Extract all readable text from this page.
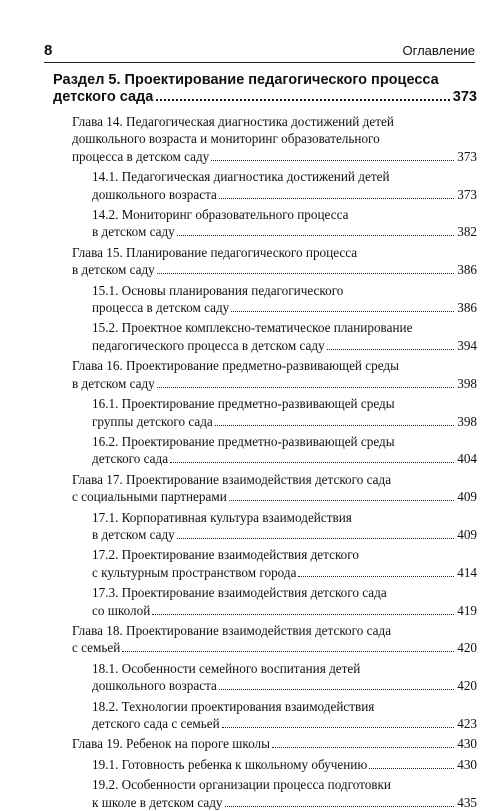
8	Оглавление
Раздел 5. Проектирование педагогического процесса
детского сада	373
Глава 14. Педагогическая диагностика достижений детей
дошкольного возраста и мониторинг образовательного
процесса в детском саду	373
14.1. Педагогическая диагностика достижений детей
дошкольного возраста	373
14.2. Мониторинг образовательного процесса
в детском саду	382
Глава 15. Планирование педагогического процесса
в детском саду	386
15.1. Основы планирования педагогического
процесса в детском саду	386
15.2. Проектное комплексно-тематическое планирование
педагогического процесса в детском саду	394
Глава 16. Проектирование предметно-развивающей среды
в детском саду	398
16.1. Проектирование предметно-развивающей среды
группы детского сада	398
16.2. Проектирование предметно-развивающей среды
детского сада	404
Глава 17. Проектирование взаимодействия детского сада
с социальными партнерами	409
17.1. Корпоративная культура взаимодействия
в детском саду	409
17.2. Проектирование взаимодействия детского
с культурным пространством города	414
17.3. Проектирование взаимодействия детского сада
со школой	419
Глава 18. Проектирование взаимодействия детского сада
с семьей	420
18.1. Особенности семейного воспитания детей
дошкольного возраста	420
18.2. Технологии проектирования взаимодействия
детского сада с семьей	423
Глава 19. Ребенок на пороге школы	430
19.1. Готовность ребенка к школьному обучению	430
19.2. Особенности организации процесса подготовки
к школе в детском саду	435
